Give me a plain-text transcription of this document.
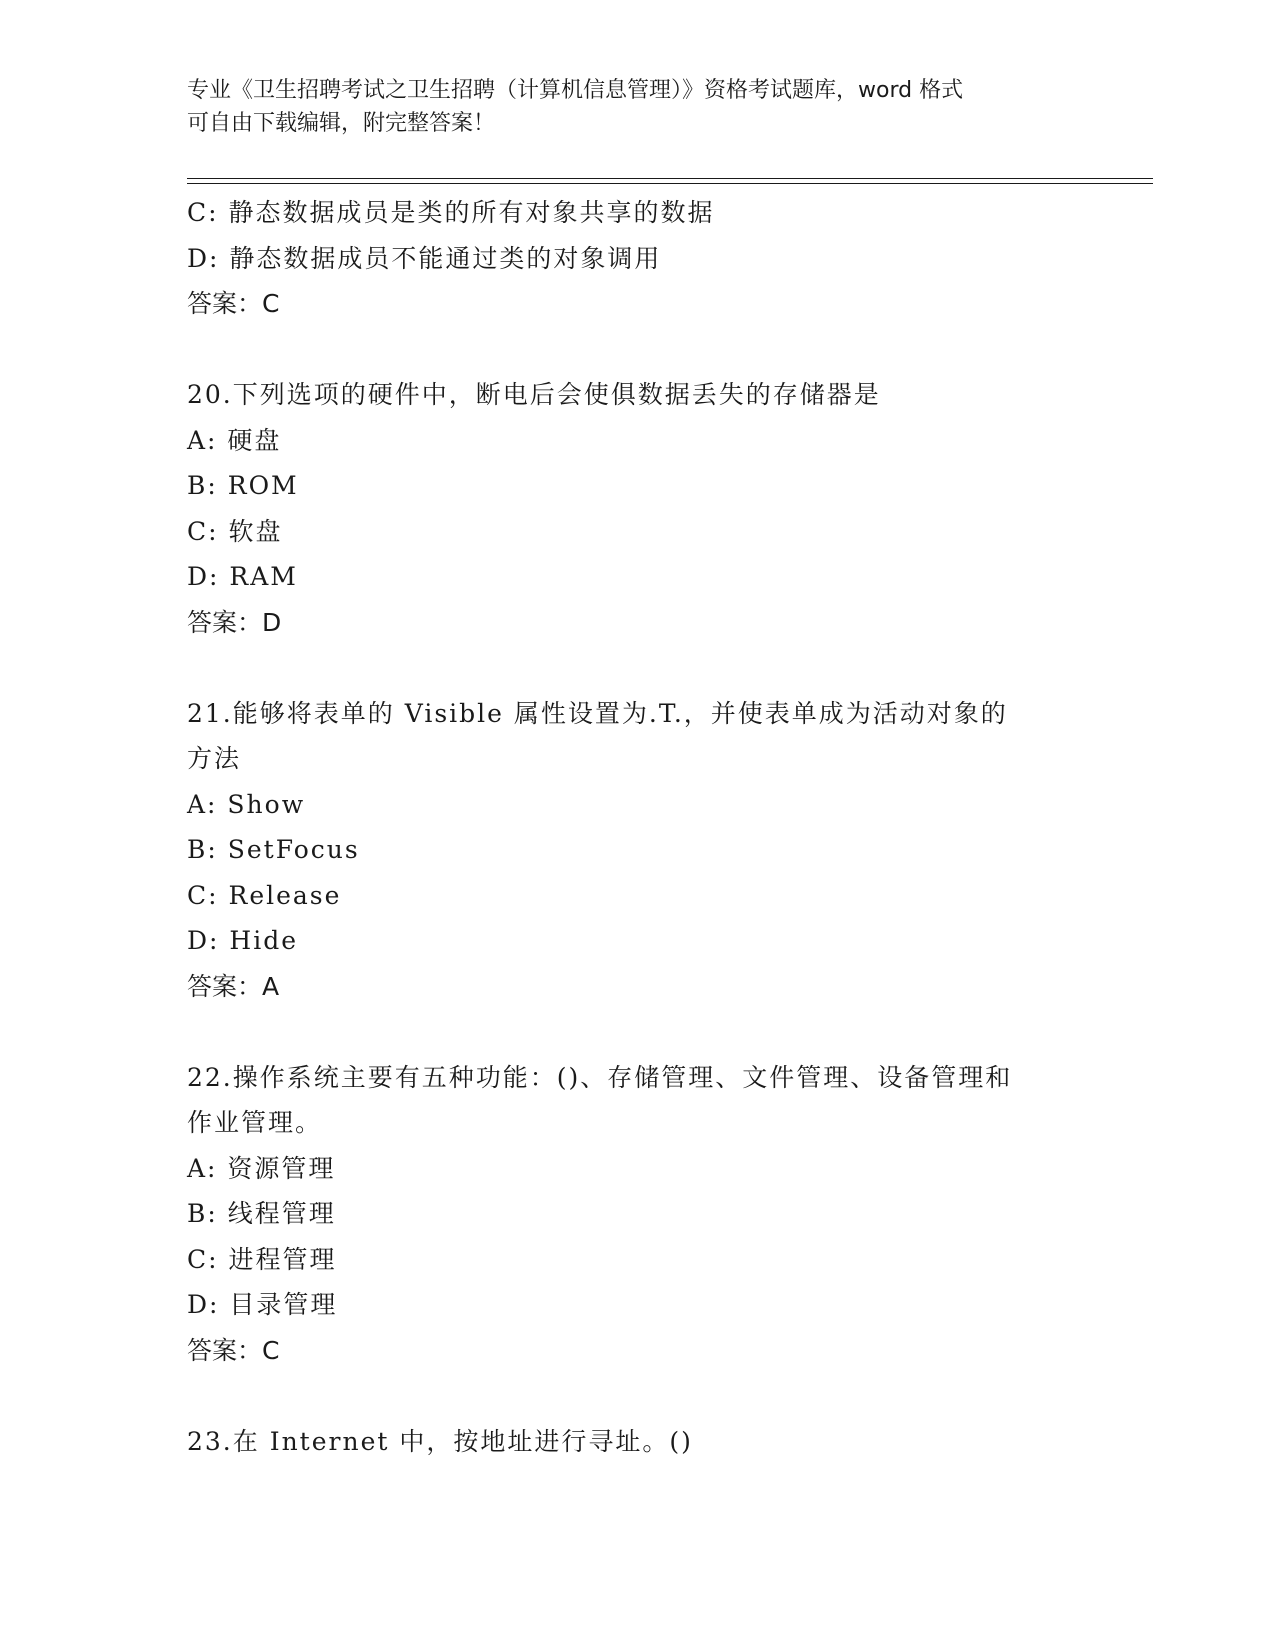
专业《卫生招聘考试之卫生招聘（计算机信息管理）》资格考试题库，word 格式
可自由下载编辑，附完整答案！
C: 静态数据成员是类的所有对象共享的数据
D: 静态数据成员不能通过类的对象调用
答案：C
20.下列选项的硬件中，断电后会使俱数据丢失的存储器是
A: 硬盘
B: ROM
C: 软盘
D: RAM
答案：D
21.能够将表单的 Visible 属性设置为.T.，并使表单成为活动对象的
方法
A: Show
B: SetFocus
C: Release
D: Hide
答案：A
22.操作系统主要有五种功能：()、存储管理、文件管理、设备管理和
作业管理。
A: 资源管理
B: 线程管理
C: 进程管理
D: 目录管理
答案：C
23.在 Internet 中，按地址进行寻址。()
